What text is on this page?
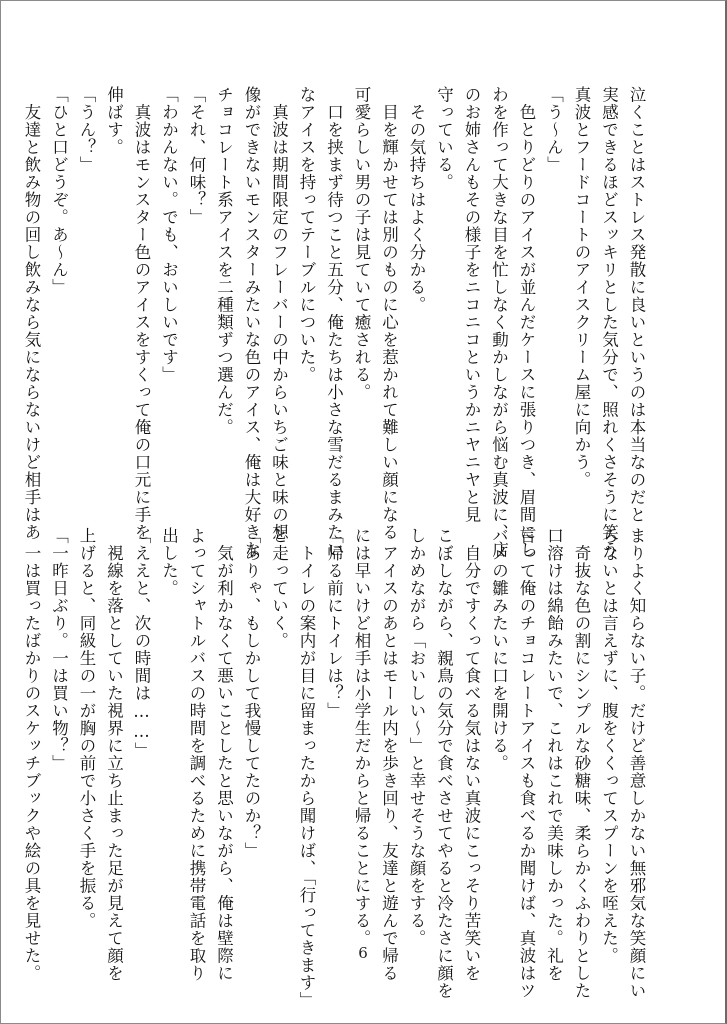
泣くことはストレス発散に良いというのは本当なのだと
実感できるほどスッキリとした気分で、照れくさそうに笑う
真波とフードコートのアイスクリーム屋に向かう。
「う～ん」
　色とりどりのアイスが並んだケースに張りつき、眉間にし
わを作って大きな目を忙しなく動かしながら悩む真波に、店
のお姉さんもその様子をニコニコというかニヤニヤと見
守っている。
　その気持ちはよく分かる。
　目を輝かせては別のものに心を惹かれて難しい顔になる
可愛らしい男の子は見ていて癒される。
　口を挟まず待つこと五分、俺たちは小さな雪だるまみたい
なアイスを持ってテーブルについた。
　真波は期間限定のフレーバーの中からいちご味と味の想
像ができないモンスターみたいな色のアイス、俺は大好きな
チョコレート系アイスを二種類ずつ選んだ。
「それ、何味？」
「わかんない。でも、おいしいです」
　真波はモンスター色のアイスをすくって俺の口元に手を
伸ばす。
「うん？」
「ひと口どうぞ。あ～ん」
　友達と飲み物の回し飲みなら気にならないけど相手はあ
まりよく知らない子。だけど善意しかない無邪気な笑顔にい
らないとは言えずに、腹をくくってスプーンを咥えた。
　奇抜な色の割にシンプルな砂糖味、柔らかくふわりとした
口溶けは綿飴みたいで、これはこれで美味しかった。礼を
言って俺のチョコレートアイスも食べるか聞けば、真波はツ
バメの雛みたいに口を開ける。
　自分ですくって食べる気はない真波にこっそり苦笑いを
こぼしながら、親鳥の気分で食べさせてやると冷たさに顔を
しかめながら「おいしい～」と幸せそうな顔をする。
　アイスのあとはモール内を歩き回り、友達と遊んで帰る
には早いけど相手は小学生だからと帰ることにする。
「帰る前にトイレは？」
　トイレの案内が目に留まったから聞けば、「行ってきます」
と走っていく。
「ありゃ、もしかして我慢してたのか？」
　気が利かなくて悪いことしたと思いながら、俺は壁際に
よってシャトルバスの時間を調べるために携帯電話を取り
出した。
「ええと、次の時間は……」
　視線を落としていた視界に立ち止まった足が見えて顔を
上げると、同級生の一が胸の前で小さく手を振る。
「一昨日ぶり。一は買い物？」
　一は買ったばかりのスケッチブックや絵の具を見せた。	6
